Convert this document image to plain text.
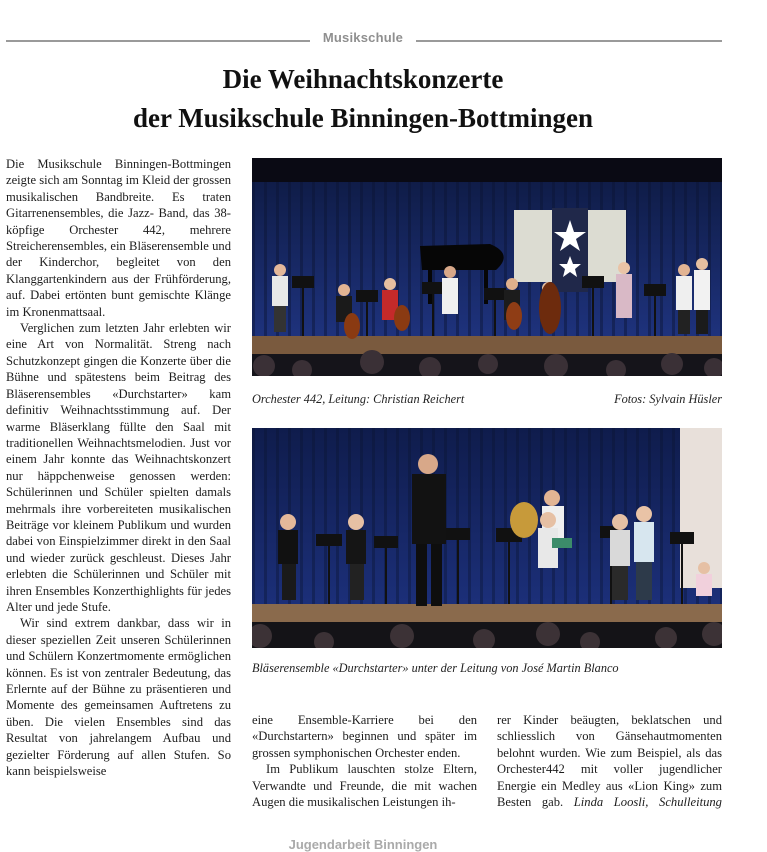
Musikschule
Die Weihnachtskonzerte
der Musikschule Binningen-Bottmingen

Die Musikschule Binningen-Bottmingen zeigte sich am Sonntag im Kleid der grossen musikalischen Bandbreite. Es traten Gitarrenensembles, die Jazz- Band, das 38-köpfige Orchester 442, mehrere Streicherensembles, ein Bläserensemble und der Kinderchor, begleitet von den Klanggartenkindern aus der Frühförderung, auf. Dabei ertönten bunt gemischte Klänge im Kronenmattsaal.

Verglichen zum letzten Jahr erlebten wir eine Art von Normalität. Streng nach Schutzkonzept gingen die Konzerte über die Bühne und spätestens beim Beitrag des Bläserensembles «Durchstarter» kam definitiv Weihnachtsstimmung auf. Der warme Bläserklang füllte den Saal mit traditionellen Weihnachtsmelodien. Just vor einem Jahr konnte das Weihnachtskonzert nur häppchenweise genossen werden: Schülerinnen und Schüler spielten damals mehrmals ihre vorbereiteten musikalischen Beiträge vor kleinem Publikum und wurden dabei von Einspielzimmer direkt in den Saal und wieder zurück geschleust. Dieses Jahr erlebten die Schülerinnen und Schüler mit ihren Ensembles Konzerthighlights für jedes Alter und jede Stufe.

Wir sind extrem dankbar, dass wir in dieser speziellen Zeit unseren Schülerinnen und Schülern Konzertmomente ermöglichen können. Es ist von zentraler Bedeutung, das Erlernte auf der Bühne zu präsentieren und Momente des gemeinsamen Auftretens zu üben. Die vielen Ensembles sind das Resultat von jahrelangem Aufbau und gezielter Förderung auf allen Stufen. So kann beispielsweise

Orchester 442, Leitung: Christian Reichert	Fotos: Sylvain Hüsler
Bläserensemble «Durchstarter» unter der Leitung von José Martin Blanco

eine Ensemble-Karriere bei den «Durchstartern» beginnen und später im grossen symphonischen Orchester enden.

Im Publikum lauschten stolze Eltern, Verwandte und Freunde, die mit wachen Augen die musikalischen Leistungen ih-

rer Kinder beäugten, beklatschen und schliesslich von Gänsehautmomenten belohnt wurden. Wie zum Beispiel, als das Orchester442 mit voller jugendlicher Energie ein Medley aus «Lion King» zum Besten gab. Linda Loosli, Schulleitung

Jugendarbeit Binningen
